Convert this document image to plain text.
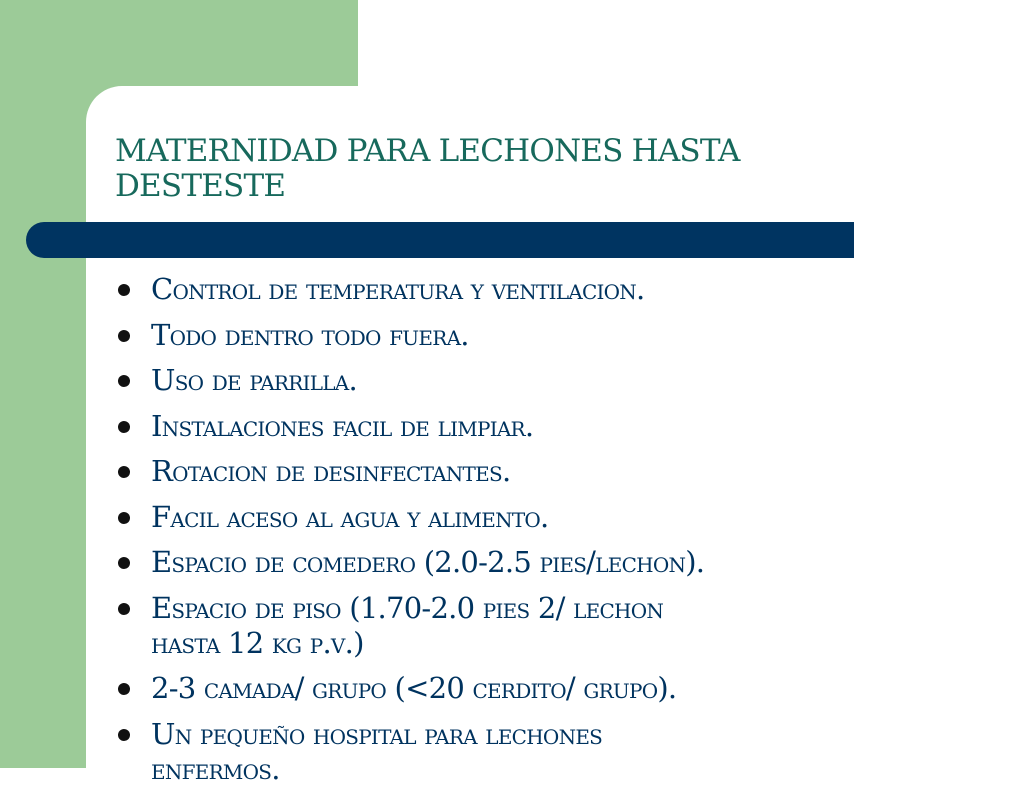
MATERNIDAD PARA LECHONES HASTA
DESTESTE
Control de temperatura y ventilacion.
Todo dentro todo fuera.
Uso de parrilla.
Instalaciones facil de limpiar.
Rotacion de desinfectantes.
Facil aceso al agua y alimento.
Espacio de comedero (2.0-2.5 pies/lechon).
Espacio de piso (1.70-2.0 pies 2/ lechon
hasta 12 kg p.v.)
2-3 camada/ grupo (<20 cerdito/ grupo).
Un pequeño hospital para lechones
enfermos.
